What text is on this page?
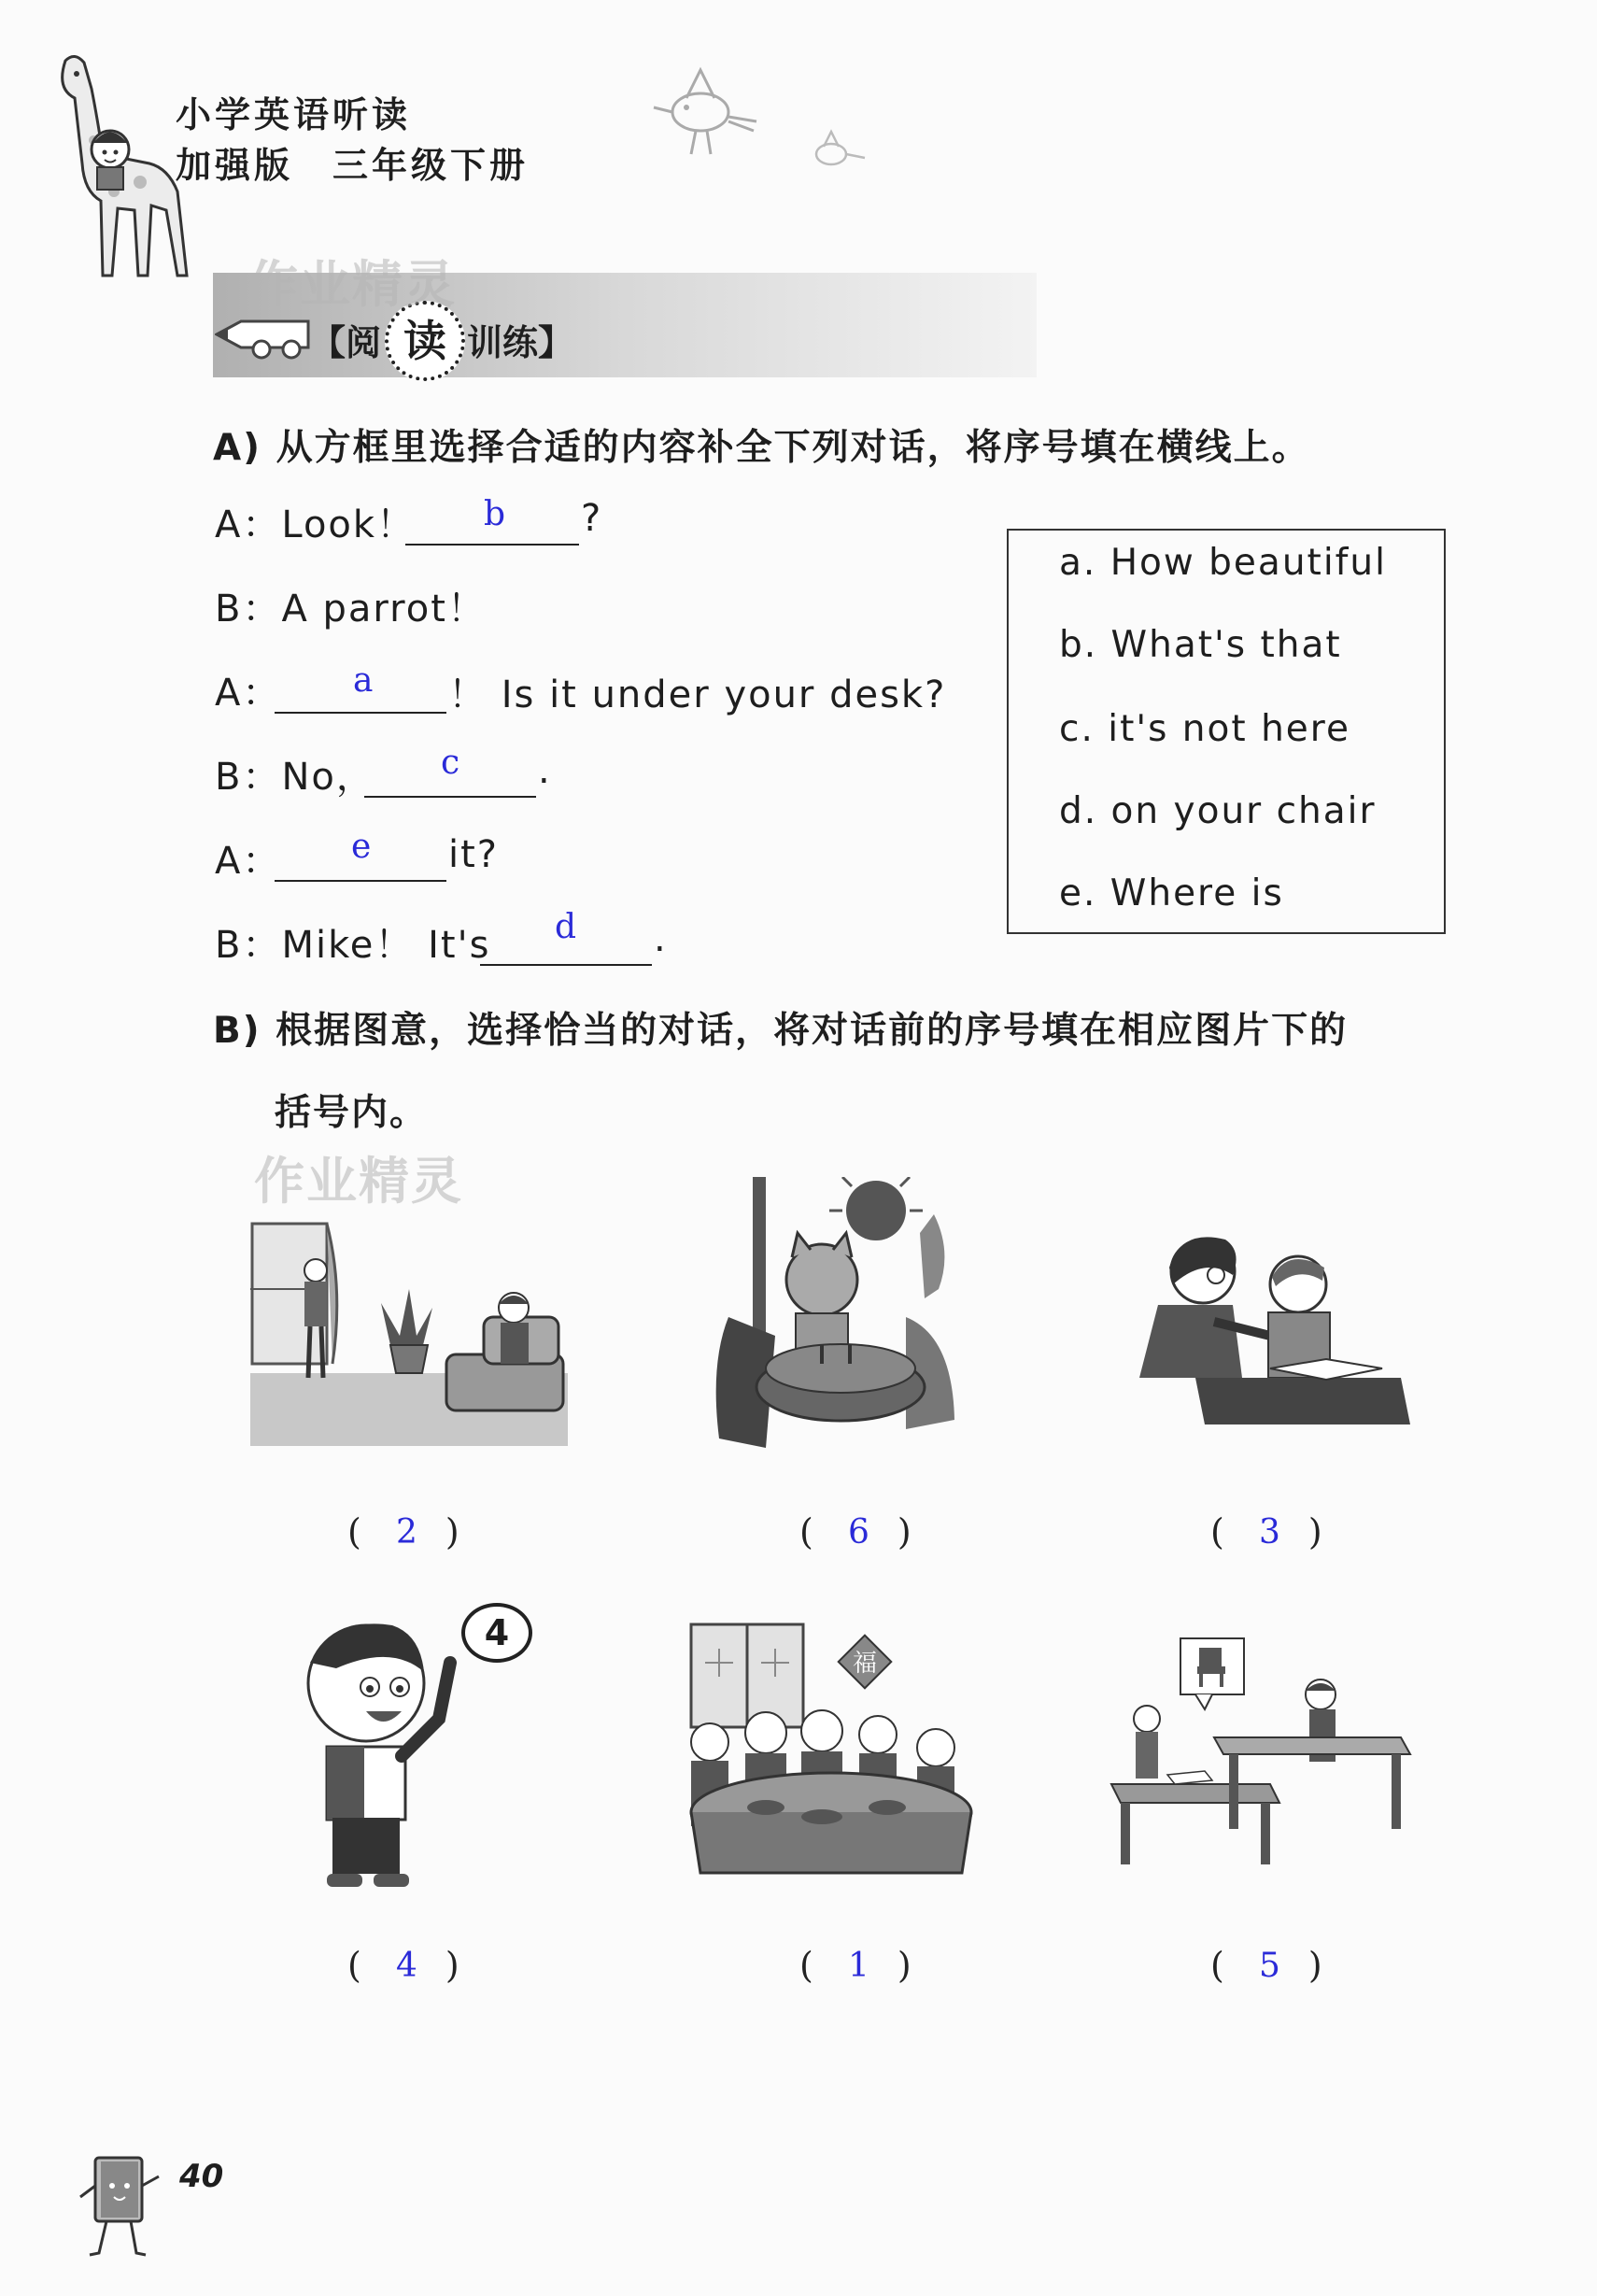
小学英语听读
加强版　三年级下册
【阅 读 训练】
作业精灵
A) 从方框里选择合适的内容补全下列对话，将序号填在横线上。
A：Look！ b ?
B：A parrot！
A： a ！ Is it under your desk?
B：No， c .
A： e it?
B：Mike！ It's d .
a. How beautiful
b. What's that
c. it's not here
d. on your chair
e. Where is
B) 根据图意，选择恰当的对话，将对话前的序号填在相应图片下的
括号内。
作业精灵
( )
2	( )
6	( )
3
4
( )
4
福
( )
1	( )
5
40
